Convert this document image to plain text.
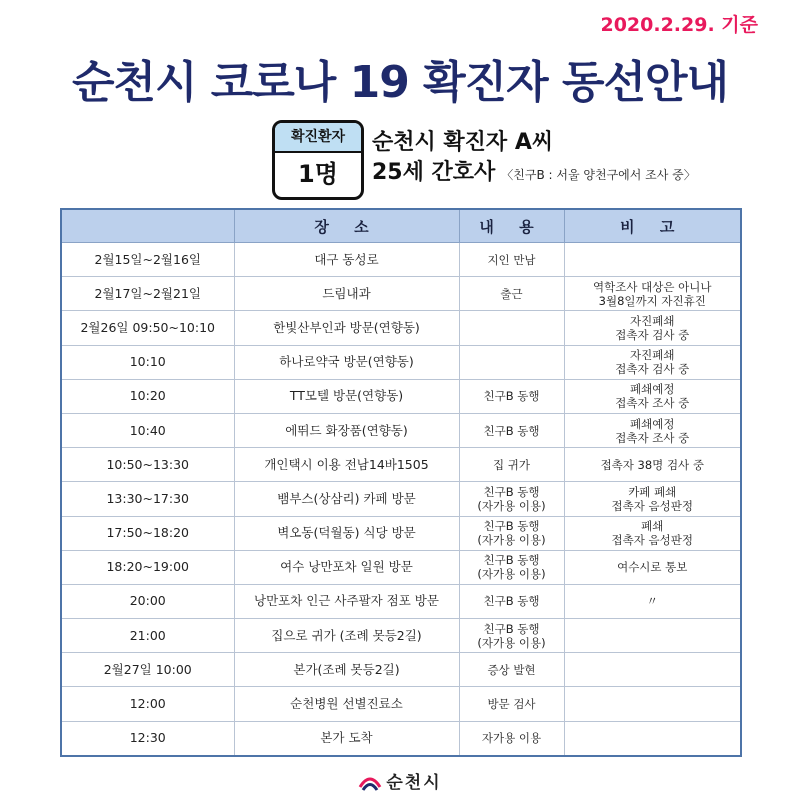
2020.2.29. 기준
순천시 코로나 19 확진자 동선안내
확진환자
1명
순천시 확진자 A씨
25세 간호사 〈친구B : 서울 양천구에서 조사 중〉
	장 소	내 용	비 고
2월15일~2월16일	대구 동성로	지인 만남	
2월17일~2월21일	드림내과	출근	역학조사 대상은 아니나
3월8일까지 자진휴진
2월26일 09:50~10:10	한빛산부인과 방문(연향동)		자진폐쇄
접촉자 검사 중
10:10	하나로약국 방문(연향동)		자진폐쇄
접촉자 검사 중
10:20	TT모텔 방문(연향동)	친구B 동행	폐쇄예정
접촉자 조사 중
10:40	에뛰드 화장품(연향동)	친구B 동행	폐쇄예정
접촉자 조사 중
10:50~13:30	개인택시 이용 전남14바1505	집 귀가	접촉자 38명 검사 중
13:30~17:30	뱀부스(상삼리) 카페 방문	친구B 동행
(자가용 이용)	카페 폐쇄
접촉자 음성판정
17:50~18:20	벽오동(덕월동) 식당 방문	친구B 동행
(자가용 이용)	폐쇄
접촉자 음성판정
18:20~19:00	여수 낭만포차 일원 방문	친구B 동행
(자가용 이용)	여수시로 통보
20:00	낭만포차 인근 사주팔자 점포 방문	친구B 동행	〃
21:00	집으로 귀가 (조례 못등2길)	친구B 동행
(자가용 이용)	
2월27일 10:00	본가(조례 못등2길)	증상 발현	
12:00	순천병원 선별진료소	방문 검사	
12:30	본가 도착	자가용 이용	
순천시
